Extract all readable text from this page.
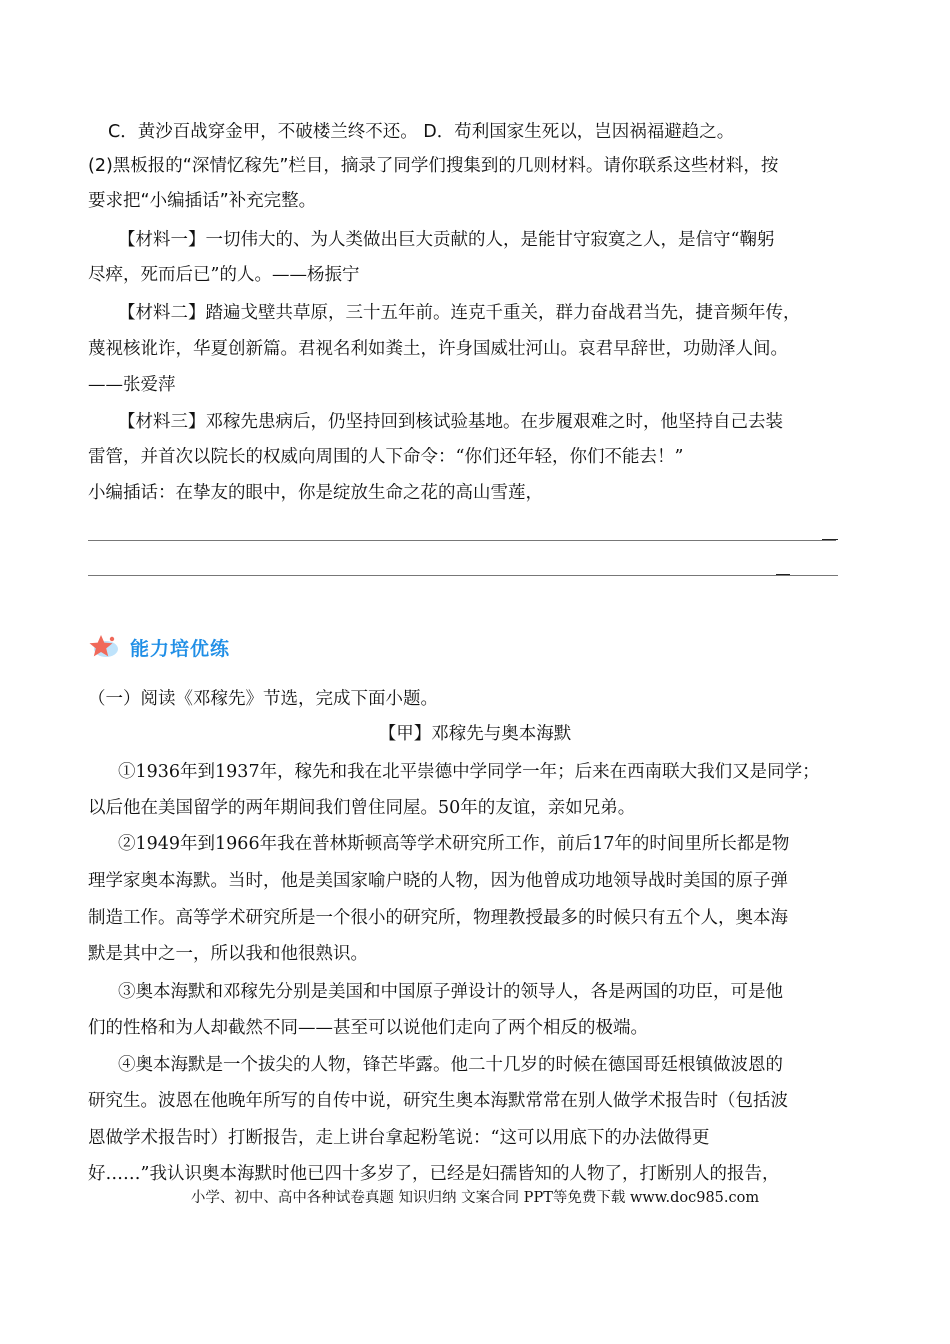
C．黄沙百战穿金甲，不破楼兰终不还。 D．苟利国家生死以，岂因祸福避趋之。
(2)黑板报的“深情忆稼先”栏目，摘录了同学们搜集到的几则材料。请你联系这些材料，按
要求把“小编插话”补充完整。
【材料一】一切伟大的、为人类做出巨大贡献的人，是能甘守寂寞之人，是信守“鞠躬
尽瘁，死而后已”的人。——杨振宁
【材料二】踏遍戈壁共草原，三十五年前。连克千重关，群力奋战君当先，捷音频年传，
蔑视核讹诈，华夏创新篇。君视名利如粪土，许身国威壮河山。哀君早辞世，功勋泽人间。
——张爱萍
【材料三】邓稼先患病后，仍坚持回到核试验基地。在步履艰难之时，他坚持自己去装
雷管，并首次以院长的权威向周围的人下命令：“你们还年轻，你们不能去！”
小编插话：在挚友的眼中，你是绽放生命之花的高山雪莲，
能力培优练
（一）阅读《邓稼先》节选，完成下面小题。
【甲】邓稼先与奥本海默
①1936年到1937年，稼先和我在北平崇德中学同学一年；后来在西南联大我们又是同学；
以后他在美国留学的两年期间我们曾住同屋。50年的友谊，亲如兄弟。
②1949年到1966年我在普林斯顿高等学术研究所工作，前后17年的时间里所长都是物
理学家奥本海默。当时，他是美国家喻户晓的人物，因为他曾成功地领导战时美国的原子弹
制造工作。高等学术研究所是一个很小的研究所，物理教授最多的时候只有五个人，奥本海
默是其中之一，所以我和他很熟识。
③奥本海默和邓稼先分别是美国和中国原子弹设计的领导人，各是两国的功臣，可是他
们的性格和为人却截然不同——甚至可以说他们走向了两个相反的极端。
④奥本海默是一个拔尖的人物，锋芒毕露。他二十几岁的时候在德国哥廷根镇做波恩的
研究生。波恩在他晚年所写的自传中说，研究生奥本海默常常在别人做学术报告时（包括波
恩做学术报告时）打断报告，走上讲台拿起粉笔说：“这可以用底下的办法做得更
好……”我认识奥本海默时他已四十多岁了，已经是妇孺皆知的人物了，打断别人的报告，
小学、初中、高中各种试卷真题 知识归纳 文案合同 PPT等免费下载 www.doc985.com
